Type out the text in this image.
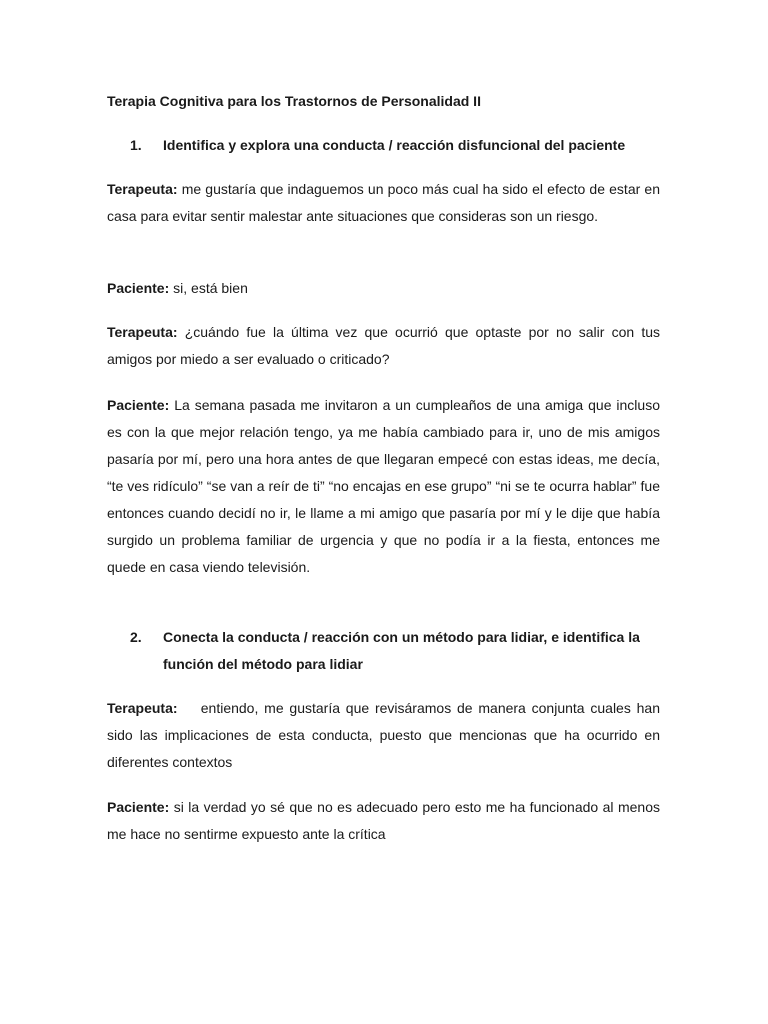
Terapia Cognitiva para los Trastornos de Personalidad II
1. Identifica y explora una conducta / reacción disfuncional del paciente
Terapeuta: me gustaría que indaguemos un poco más cual ha sido el efecto de estar en casa para evitar sentir malestar ante situaciones que consideras son un riesgo.
Paciente: si, está bien
Terapeuta: ¿cuándo fue la última vez que ocurrió que optaste por no salir con tus amigos por miedo a ser evaluado o criticado?
Paciente: La semana pasada me invitaron a un cumpleaños de una amiga que incluso es con la que mejor relación tengo, ya me había cambiado para ir, uno de mis amigos pasaría por mí, pero una hora antes de que llegaran empecé con estas ideas, me decía, “te ves ridículo” “se van a reír de ti” “no encajas en ese grupo” “ni se te ocurra hablar” fue entonces cuando decidí no ir, le llame a mi amigo que pasaría por mí y le dije que había surgido un problema familiar de urgencia y que no podía ir a la fiesta, entonces me quede en casa viendo televisión.
2. Conecta la conducta / reacción con un método para lidiar, e identifica la función del método para lidiar
Terapeuta:    entiendo, me gustaría que revisáramos de manera conjunta cuales han sido las implicaciones de esta conducta, puesto que mencionas que ha ocurrido en diferentes contextos
Paciente: si la verdad yo sé que no es adecuado pero esto me ha funcionado al menos me hace no sentirme expuesto ante la crítica
